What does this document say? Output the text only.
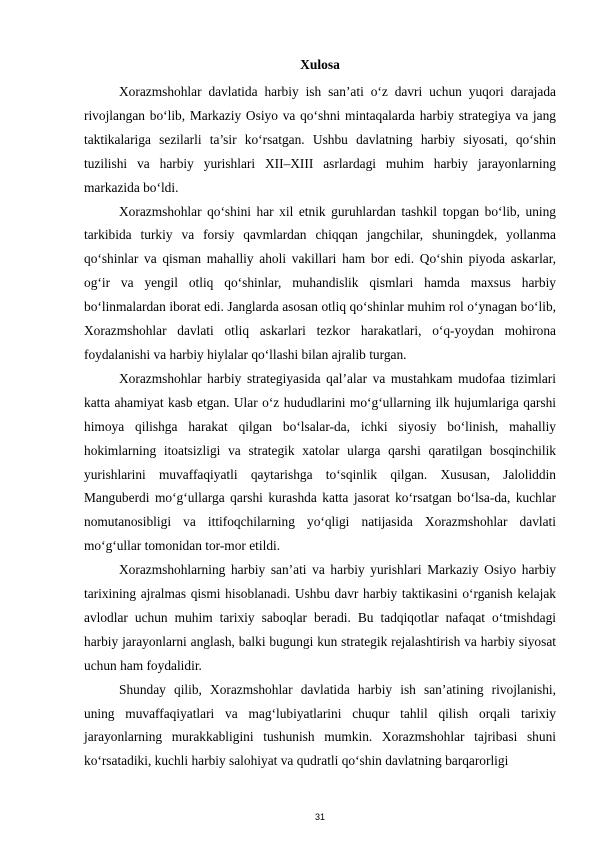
Xulosa

Xorazmshohlar davlatida harbiy ish san’ati o‘z davri uchun yuqori darajada rivojlangan bo‘lib, Markaziy Osiyo va qo‘shni mintaqalarda harbiy strategiya va jang taktikalariga sezilarli ta’sir ko‘rsatgan. Ushbu davlatning harbiy siyosati, qo‘shin tuzilishi va harbiy yurishlari XII–XIII asrlardagi muhim harbiy jarayonlarning markazida bo‘ldi.

Xorazmshohlar qo‘shini har xil etnik guruhlardan tashkil topgan bo‘lib, uning tarkibida turkiy va forsiy qavmlardan chiqqan jangchilar, shuningdek, yollanma qo‘shinlar va qisman mahalliy aholi vakillari ham bor edi. Qo‘shin piyoda askarlar, og‘ir va yengil otliq qo‘shinlar, muhandislik qismlari hamda maxsus harbiy bo‘linmalardan iborat edi. Janglarda asosan otliq qo‘shinlar muhim rol o‘ynagan bo‘lib, Xorazmshohlar davlati otliq askarlari tezkor harakatlari, o‘q-yoydan mohirona foydalanishi va harbiy hiylalar qo‘llashi bilan ajralib turgan.

Xorazmshohlar harbiy strategiyasida qal’alar va mustahkam mudofaa tizimlari katta ahamiyat kasb etgan. Ular o‘z hududlarini mo‘g‘ullarning ilk hujumlariga qarshi himoya qilishga harakat qilgan bo‘lsalar-da, ichki siyosiy bo‘linish, mahalliy hokimlarning itoatsizligi va strategik xatolar ularga qarshi qaratilgan bosqinchilik yurishlarini muvaffaqiyatli qaytarishga to‘sqinlik qilgan. Xususan, Jaloliddin Manguberdi mo‘g‘ullarga qarshi kurashda katta jasorat ko‘rsatgan bo‘lsa-da, kuchlar nomutanosibligi va ittifoqchilarning yo‘qligi natijasida Xorazmshohlar davlati mo‘g‘ullar tomonidan tor-mor etildi.

Xorazmshohlarning harbiy san’ati va harbiy yurishlari Markaziy Osiyo harbiy tarixining ajralmas qismi hisoblanadi. Ushbu davr harbiy taktikasini o‘rganish kelajak avlodlar uchun muhim tarixiy saboqlar beradi. Bu tadqiqotlar nafaqat o‘tmishdagi harbiy jarayonlarni anglash, balki bugungi kun strategik rejalashtirish va harbiy siyosat uchun ham foydalidir.

Shunday qilib, Xorazmshohlar davlatida harbiy ish san’atining rivojlanishi, uning muvaffaqiyatlari va mag‘lubiyatlarini chuqur tahlil qilish orqali tarixiy jarayonlarning murakkabligini tushunish mumkin. Xorazmshohlar tajribasi shuni ko‘rsatadiki, kuchli harbiy salohiyat va qudratli qo‘shin davlatning barqarorligi

31
